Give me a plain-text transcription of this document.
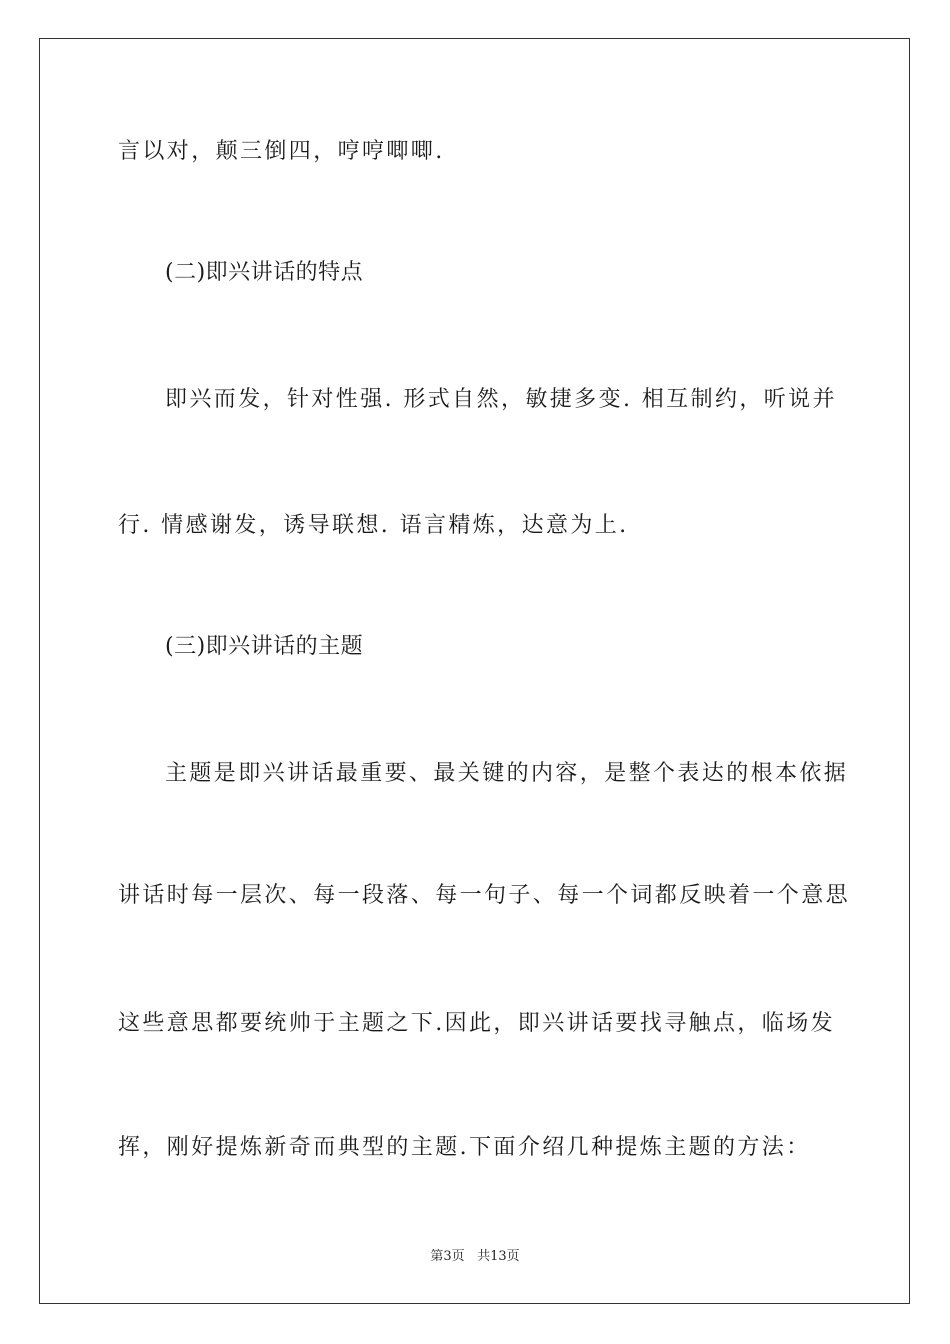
言以对，颠三倒四，哼哼唧唧.
(二)即兴讲话的特点
即兴而发，针对性强. 形式自然，敏捷多变. 相互制约，听说并
行. 情感谢发，诱导联想. 语言精炼，达意为上.
(三)即兴讲话的主题
主题是即兴讲话最重要、最关键的内容，是整个表达的根本依据
讲话时每一层次、每一段落、每一句子、每一个词都反映着一个意思
这些意思都要统帅于主题之下.因此，即兴讲话要找寻触点，临场发
挥，刚好提炼新奇而典型的主题.下面介绍几种提炼主题的方法：
第3页 共13页
